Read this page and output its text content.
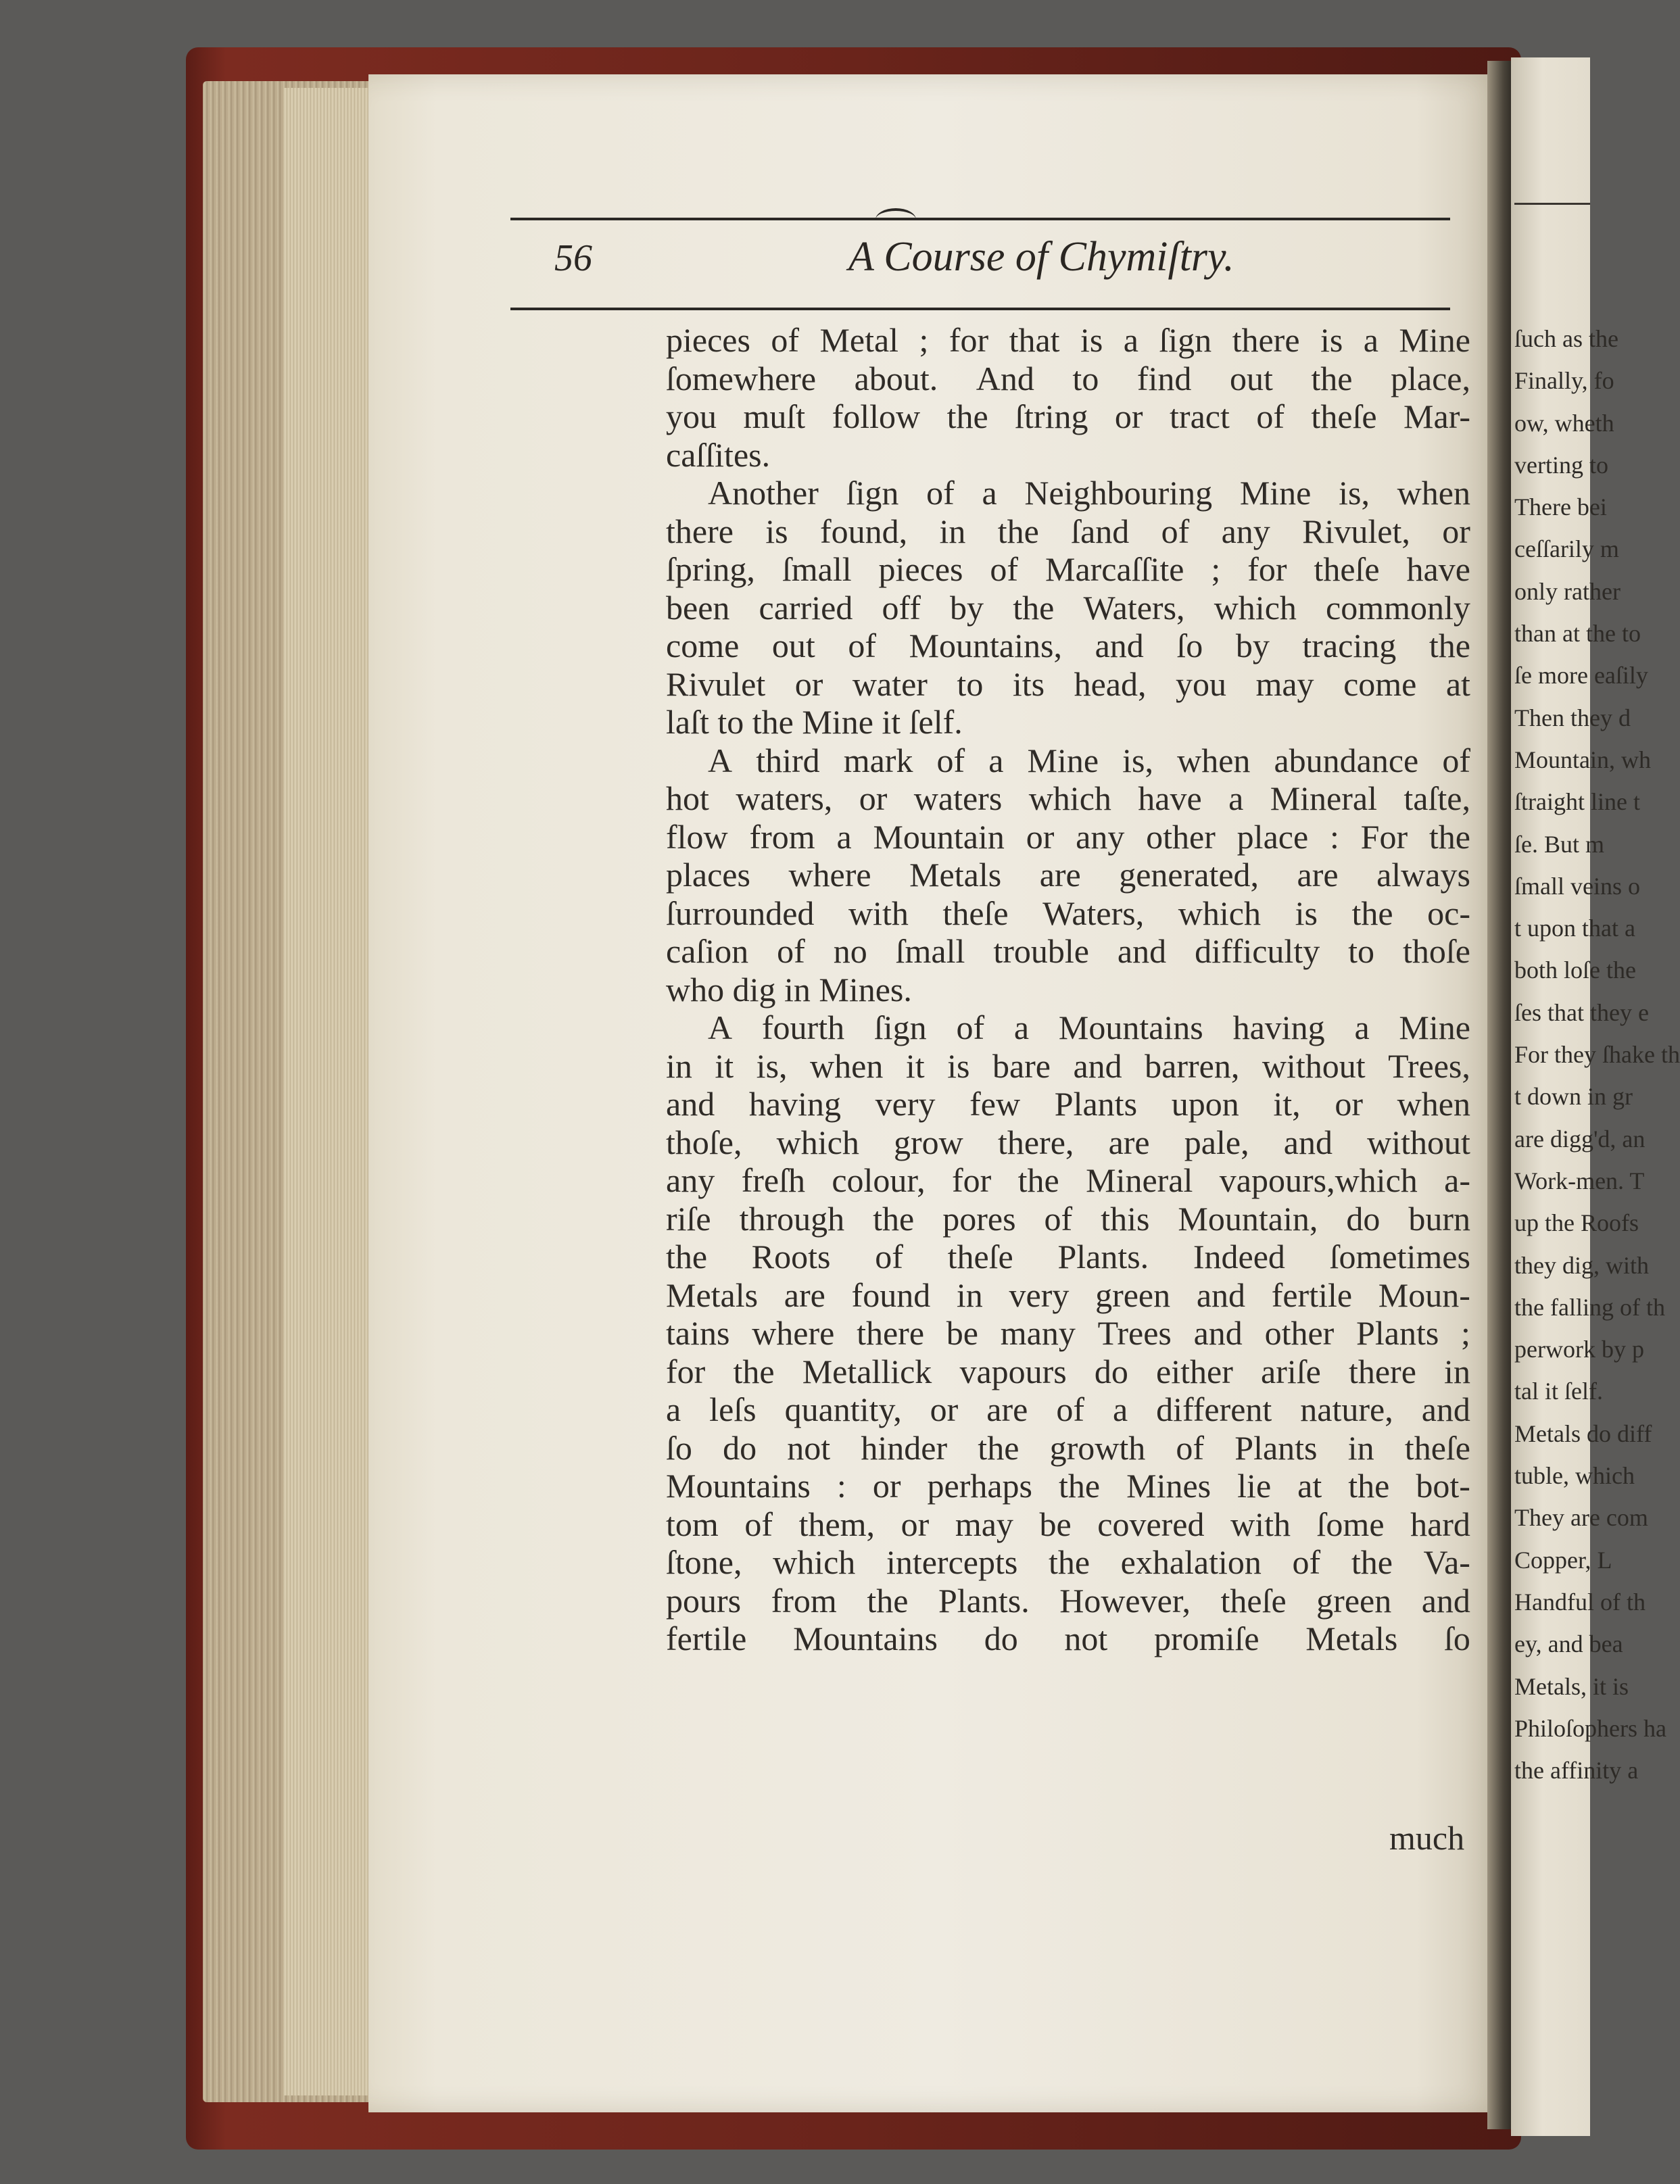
ſuch as the
Finally, fo
ow, wheth
verting to
There bei
ceſſarily m
only rather
than at the to
ſe more eaſily
Then they d
Mountain, wh
ſtraight line t
ſe. But m
ſmall veins o
t upon that a
both loſe the
ſes that they e
For they ſhake th
t down in gr
are digg'd, an
Work-men. T
up the Roofs
they dig, with
the falling of th
perwork by p
tal it ſelf.
Metals do diff
tuble, which
They are com
Copper, L
Handful of th
ey, and bea
Metals, it is
Philoſophers ha
the affinity a
56	A Course of Chymiſtry.
pieces of Metal ; for that is a ſign there is a Mine
ſomewhere about. And to find out the place,
you muſt follow the ſtring or tract of theſe Mar-
caſſites.
Another ſign of a Neighbouring Mine is, when
there is found, in the ſand of any Rivulet, or
ſpring, ſmall pieces of Marcaſſite ; for theſe have
been carried off by the Waters, which commonly
come out of Mountains, and ſo by tracing the
Rivulet or water to its head, you may come at
laſt to the Mine it ſelf.
A third mark of a Mine is, when abundance of
hot waters, or waters which have a Mineral taſte,
flow from a Mountain or any other place : For the
places where Metals are generated, are always
ſurrounded with theſe Waters, which is the oc-
caſion of no ſmall trouble and difficulty to thoſe
who dig in Mines.
A fourth ſign of a Mountains having a Mine
in it is, when it is bare and barren, without Trees,
and having very few Plants upon it, or when
thoſe, which grow there, are pale, and without
any freſh colour, for the Mineral vapours,which a-
riſe through the pores of this Mountain, do burn
the Roots of theſe Plants. Indeed ſometimes
Metals are found in very green and fertile Moun-
tains where there be many Trees and other Plants ;
for the Metallick vapours do either ariſe there in
a leſs quantity, or are of a different nature, and
ſo do not hinder the growth of Plants in theſe
Mountains : or perhaps the Mines lie at the bot-
tom of them, or may be covered with ſome hard
ſtone, which intercepts the exhalation of the Va-
pours from the Plants. However, theſe green and
fertile Mountains do not promiſe Metals ſo
much
